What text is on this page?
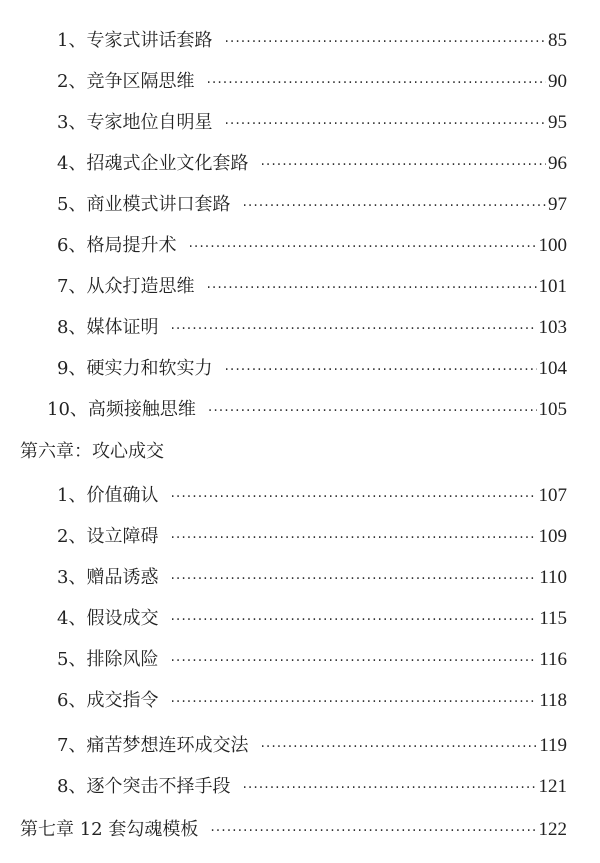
1、 专家式讲话套路 ·····	85
2、 竞争区隔思维 ·····	90
3、 专家地位自明星 ·····	95
4、 招魂式企业文化套路 ·····	96
5、 商业模式讲口套路 ·····	97
6、 格局提升术 ·····	100
7、 从众打造思维 ·····	101
8、 媒体证明 ·····	103
9、 硬实力和软实力 ·····	104
10、 高频接触思维 ·····	105
第六章：攻心成交
1、 价值确认 ·····	107
2、 设立障碍 ·····	109
3、 赠品诱惑 ·····	110
4、 假设成交 ·····	115
5、 排除风险 ·····	116
6、 成交指令 ·····	118
7、 痛苦梦想连环成交法 ·····	119
8、 逐个突击不择手段 ·····	121
第七章 12 套勾魂模板 ·····	122
